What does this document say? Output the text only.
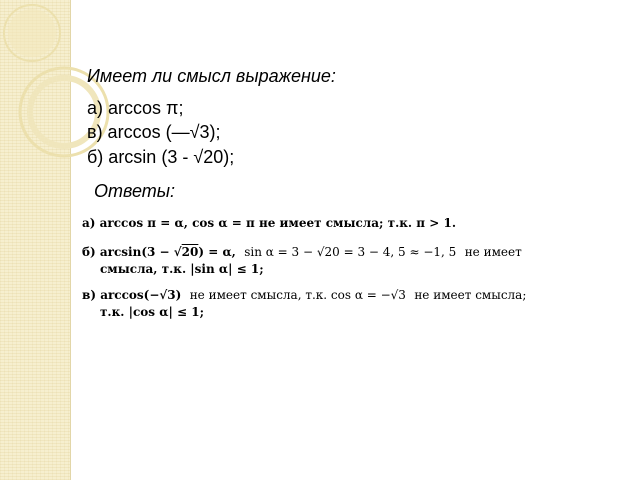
Имеет ли смысл выражение:
а) arccos π;
в) arccos (—√3);
б) arcsin (3 - √20);
Ответы:
а) arccos π = α, cos α = π не имеет смысла; т.к. π > 1.
б) arcsin(3 − √20) = α, sin α = 3 − √20 = 3 − 4, 5 ≈ −1, 5 не имеет
смысла, т.к. |sin α| ≤ 1;
в) arccos(−√3) не имеет смысла, т.к. cos α = −√3 не имеет смысла;
т.к. |cos α| ≤ 1;
